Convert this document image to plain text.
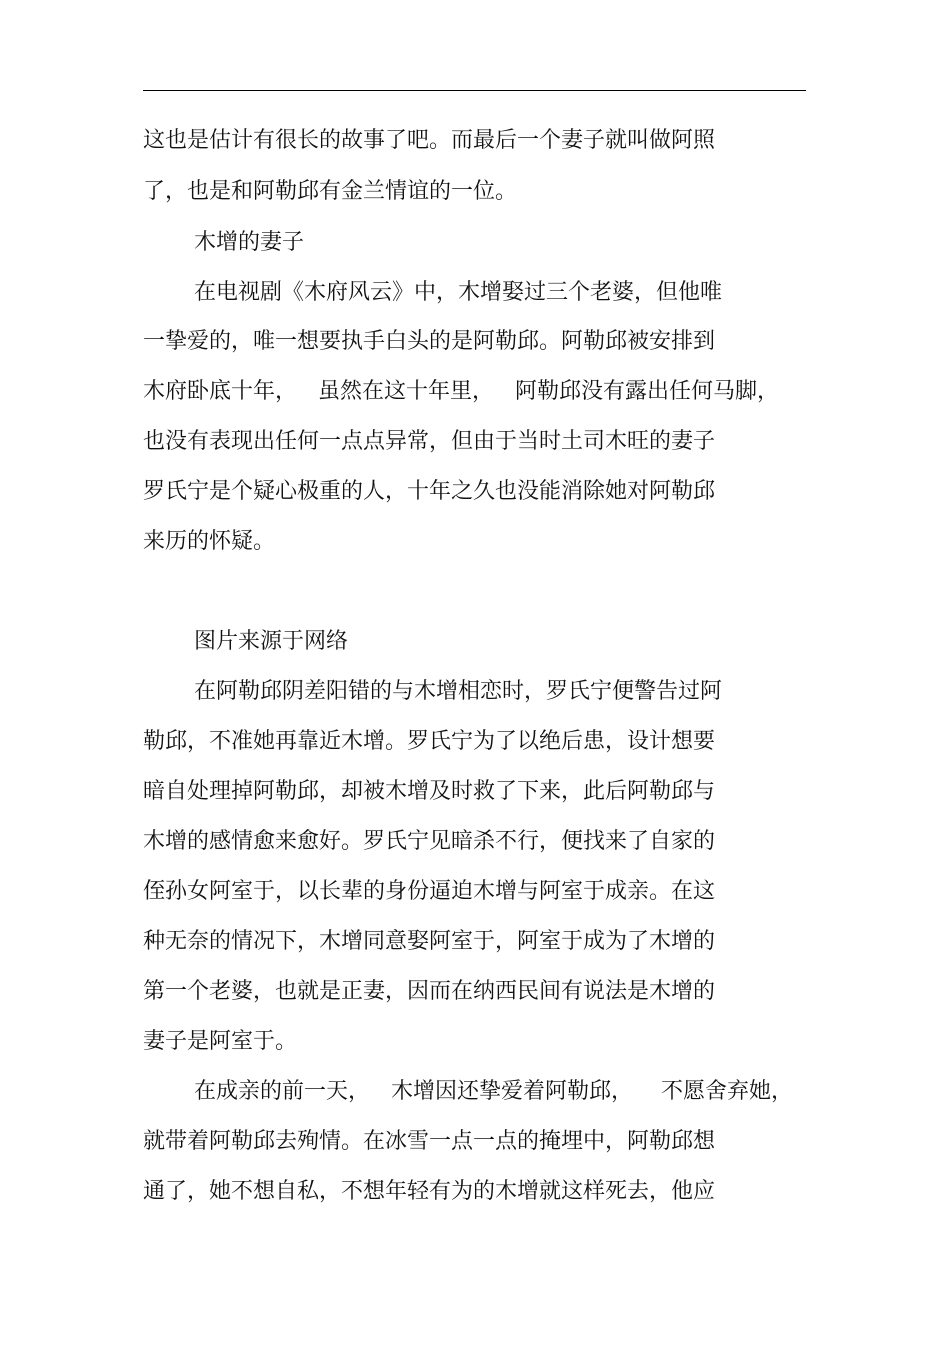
这也是估计有很长的故事了吧。而最后一个妻子就叫做阿照

了，也是和阿勒邱有金兰情谊的一位。

木增的妻子

在电视剧《木府风云》中，木增娶过三个老婆，但他唯

一挚爱的，唯一想要执手白头的是阿勒邱。阿勒邱被安排到

木府卧底十年，   虽然在这十年里，   阿勒邱没有露出任何马脚，

也没有表现出任何一点点异常，但由于当时土司木旺的妻子

罗氏宁是个疑心极重的人，十年之久也没能消除她对阿勒邱

来历的怀疑。

图片来源于网络

在阿勒邱阴差阳错的与木增相恋时，罗氏宁便警告过阿

勒邱，不准她再靠近木增。罗氏宁为了以绝后患，设计想要

暗自处理掉阿勒邱，却被木增及时救了下来，此后阿勒邱与

木增的感情愈来愈好。罗氏宁见暗杀不行，便找来了自家的

侄孙女阿室于，以长辈的身份逼迫木增与阿室于成亲。在这

种无奈的情况下，木增同意娶阿室于，阿室于成为了木增的

第一个老婆，也就是正妻，因而在纳西民间有说法是木增的

妻子是阿室于。

在成亲的前一天，   木增因还挚爱着阿勒邱，    不愿舍弃她，

就带着阿勒邱去殉情。在冰雪一点一点的掩埋中，阿勒邱想

通了，她不想自私，不想年轻有为的木增就这样死去，他应
